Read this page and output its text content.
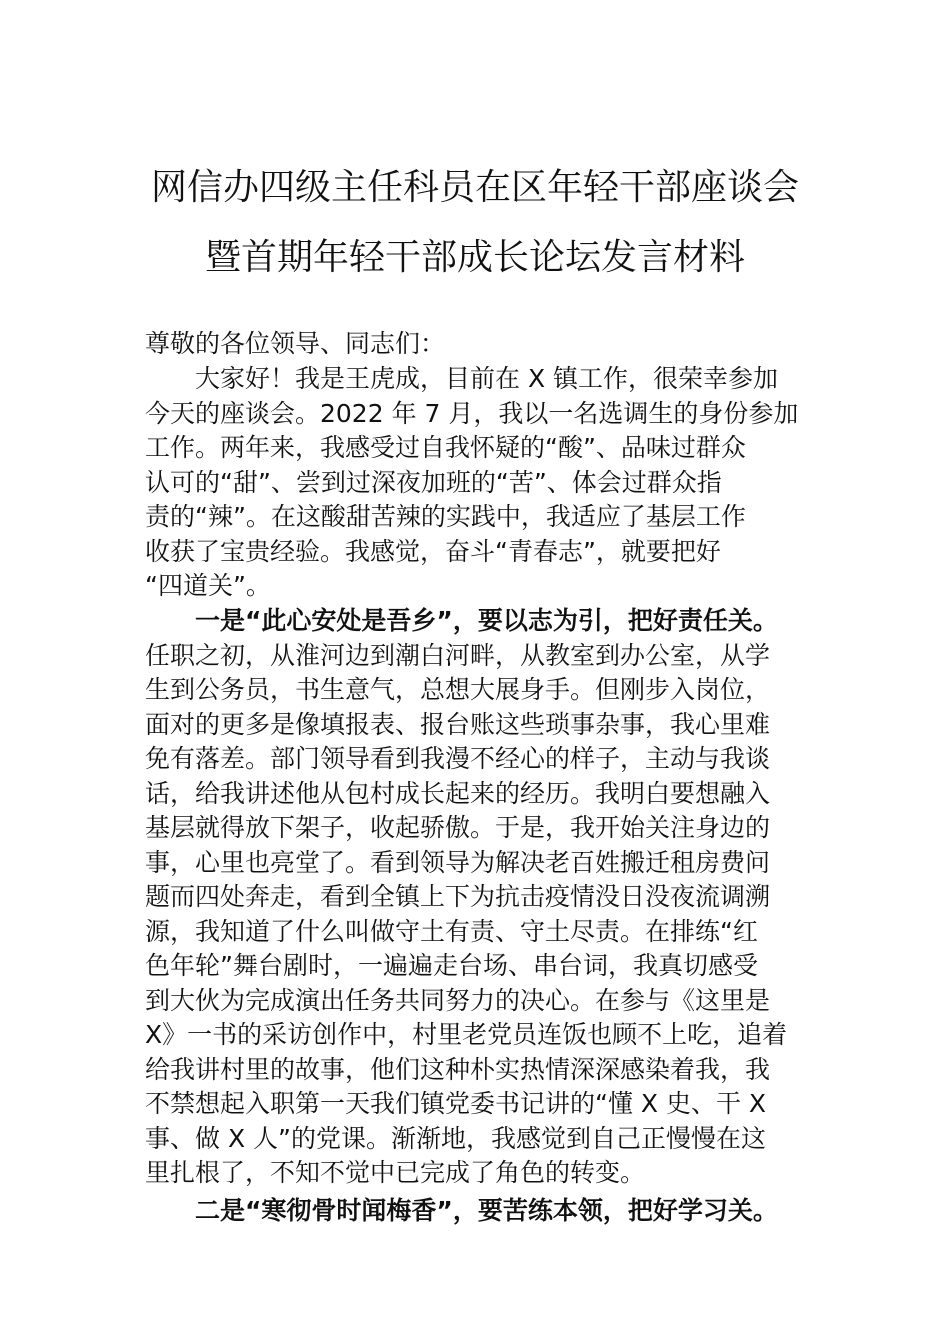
网信办四级主任科员在区年轻干部座谈会
暨首期年轻干部成长论坛发言材料
尊敬的各位领导、同志们：
大家好！我是王虎成，目前在 X 镇工作，很荣幸参加
今天的座谈会。2022 年 7 月，我以一名选调生的身份参加
工作。两年来，我感受过自我怀疑的“酸”、品味过群众
认可的“甜”、尝到过深夜加班的“苦”、体会过群众指
责的“辣”。在这酸甜苦辣的实践中，我适应了基层工作
收获了宝贵经验。我感觉，奋斗“青春志”，就要把好
“四道关”。
一是“此心安处是吾乡”，要以志为引，把好责任关。
任职之初，从淮河边到潮白河畔，从教室到办公室，从学
生到公务员，书生意气，总想大展身手。但刚步入岗位，
面对的更多是像填报表、报台账这些琐事杂事，我心里难
免有落差。部门领导看到我漫不经心的样子，主动与我谈
话，给我讲述他从包村成长起来的经历。我明白要想融入
基层就得放下架子，收起骄傲。于是，我开始关注身边的
事，心里也亮堂了。看到领导为解决老百姓搬迁租房费问
题而四处奔走，看到全镇上下为抗击疫情没日没夜流调溯
源，我知道了什么叫做守土有责、守土尽责。在排练“红
色年轮”舞台剧时，一遍遍走台场、串台词，我真切感受
到大伙为完成演出任务共同努力的决心。在参与《这里是
X》一书的采访创作中，村里老党员连饭也顾不上吃，追着
给我讲村里的故事，他们这种朴实热情深深感染着我，我
不禁想起入职第一天我们镇党委书记讲的“懂 X 史、干 X
事、做 X 人”的党课。渐渐地，我感觉到自己正慢慢在这
里扎根了，不知不觉中已完成了角色的转变。
二是“寒彻骨时闻梅香”，要苦练本领，把好学习关。
